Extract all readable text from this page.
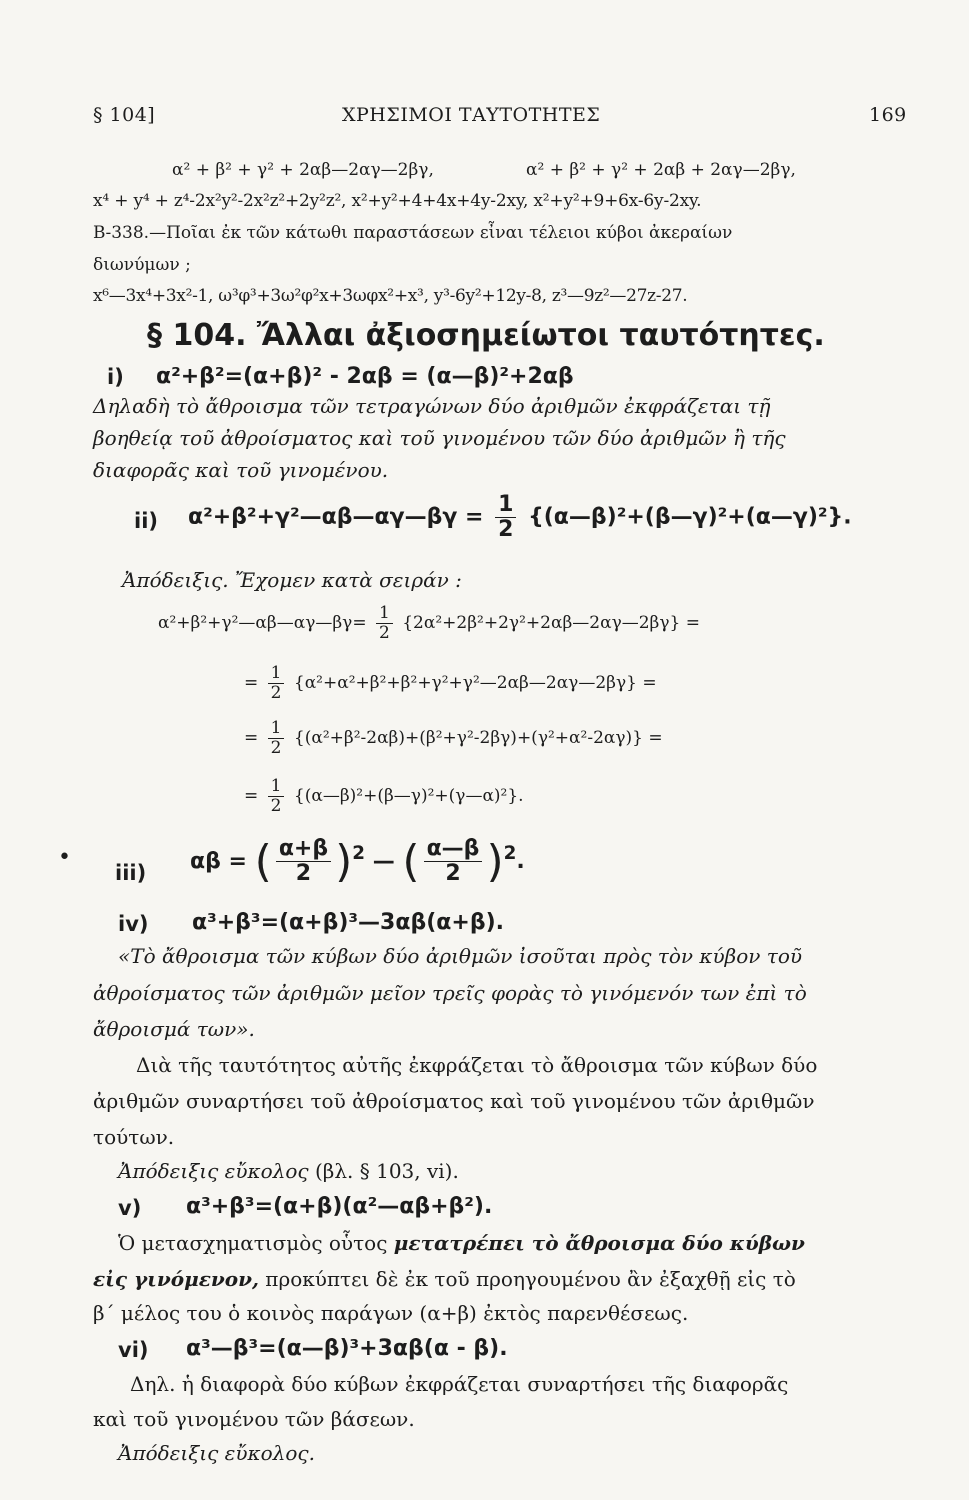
§ 104]	ΧΡΗΣΙΜΟΙ ΤΑΥΤΟΤΗΤΕΣ	169
α² + β² + γ² + 2αβ—2αγ—2βγ,	α² + β² + γ² + 2αβ + 2αγ—2βγ,
x⁴ + y⁴ + z⁴-2x²y²-2x²z²+2y²z², x²+y²+4+4x+4y-2xy, x²+y²+9+6x-6y-2xy.
Β-338.—Ποῖαι ἐκ τῶν κάτωθι παραστάσεων εἶναι τέλειοι κύβοι ἀκεραίων
διωνύμων ;
x⁶—3x⁴+3x²-1, ω³φ³+3ω²φ²x+3ωφx²+x³, y³-6y²+12y-8, z³—9z²—27z-27.
§ 104. Ἄλλαι ἀξιοσημείωτοι ταυτότητες.
i) α²+β²=(α+β)² - 2αβ = (α—β)²+2αβ
Δηλαδὴ τὸ ἄθροισμα τῶν τετραγώνων δύο ἀριθμῶν ἐκφράζεται τῇ
βοηθείᾳ τοῦ ἀθροίσματος καὶ τοῦ γινομένου τῶν δύο ἀριθμῶν ἢ τῆς
διαφορᾶς καὶ τοῦ γινομένου.
ii) α²+β²+γ²—αβ—αγ—βγ = $\frac{1}{2}$ {(α—β)²+(β—γ)²+(α—γ)²}.
Ἀπόδειξις. Ἔχομεν κατὰ σειράν :
α²+β²+γ²—αβ—αγ—βγ= $\frac{1}{2}$ {2α²+2β²+2γ²+2αβ—2αγ—2βγ} =
= $\frac{1}{2}$ {α²+α²+β²+β²+γ²+γ²—2αβ—2αγ—2βγ} =
= $\frac{1}{2} \{(\alpha^2+\beta^2-2\alpha\beta)+(\beta^2+\gamma^2-2\beta\gamma)+(\gamma^2+\alpha^2-2\alpha\gamma)\}$ =
= $\frac{1}{2}$ {(α—β)²+(β—γ)²+(γ—α)²}.
•
iii) αβ = ( $\frac{\alpha+\beta}{2} )^2$ — ( $\frac{\alpha—\beta}{2} )^2$.
iv) α³+β³=(α+β)³—3αβ(α+β).
«Τὸ ἄθροισμα τῶν κύβων δύο ἀριθμῶν ἰσοῦται πρὸς τὸν κύβον τοῦ
ἀθροίσματος τῶν ἀριθμῶν μεῖον τρεῖς φορὰς τὸ γινόμενόν των ἐπὶ τὸ
ἄθροισμά των».
Διὰ τῆς ταυτότητος αὐτῆς ἐκφράζεται τὸ ἄθροισμα τῶν κύβων δύο
ἀριθμῶν συναρτήσει τοῦ ἀθροίσματος καὶ τοῦ γινομένου τῶν ἀριθμῶν
τούτων.
Ἀπόδειξις εὔκολος (βλ. § 103, vi).
v) α³+β³=(α+β)(α²—αβ+β²).
Ὁ μετασχηματισμὸς οὗτος μετατρέπει τὸ ἄθροισμα δύο κύβων
εἰς γινόμενον, προκύπτει δὲ ἐκ τοῦ προηγουμένου ἂν ἐξαχθῇ εἰς τὸ
β΄ μέλος του ὁ κοινὸς παράγων (α+β) ἐκτὸς παρενθέσεως.
vi) α³—β³=(α—β)³+3αβ(α - β).
Δηλ. ἡ διαφορὰ δύο κύβων ἐκφράζεται συναρτήσει τῆς διαφορᾶς
καὶ τοῦ γινομένου τῶν βάσεων.
Ἀπόδειξις εὔκολος.
